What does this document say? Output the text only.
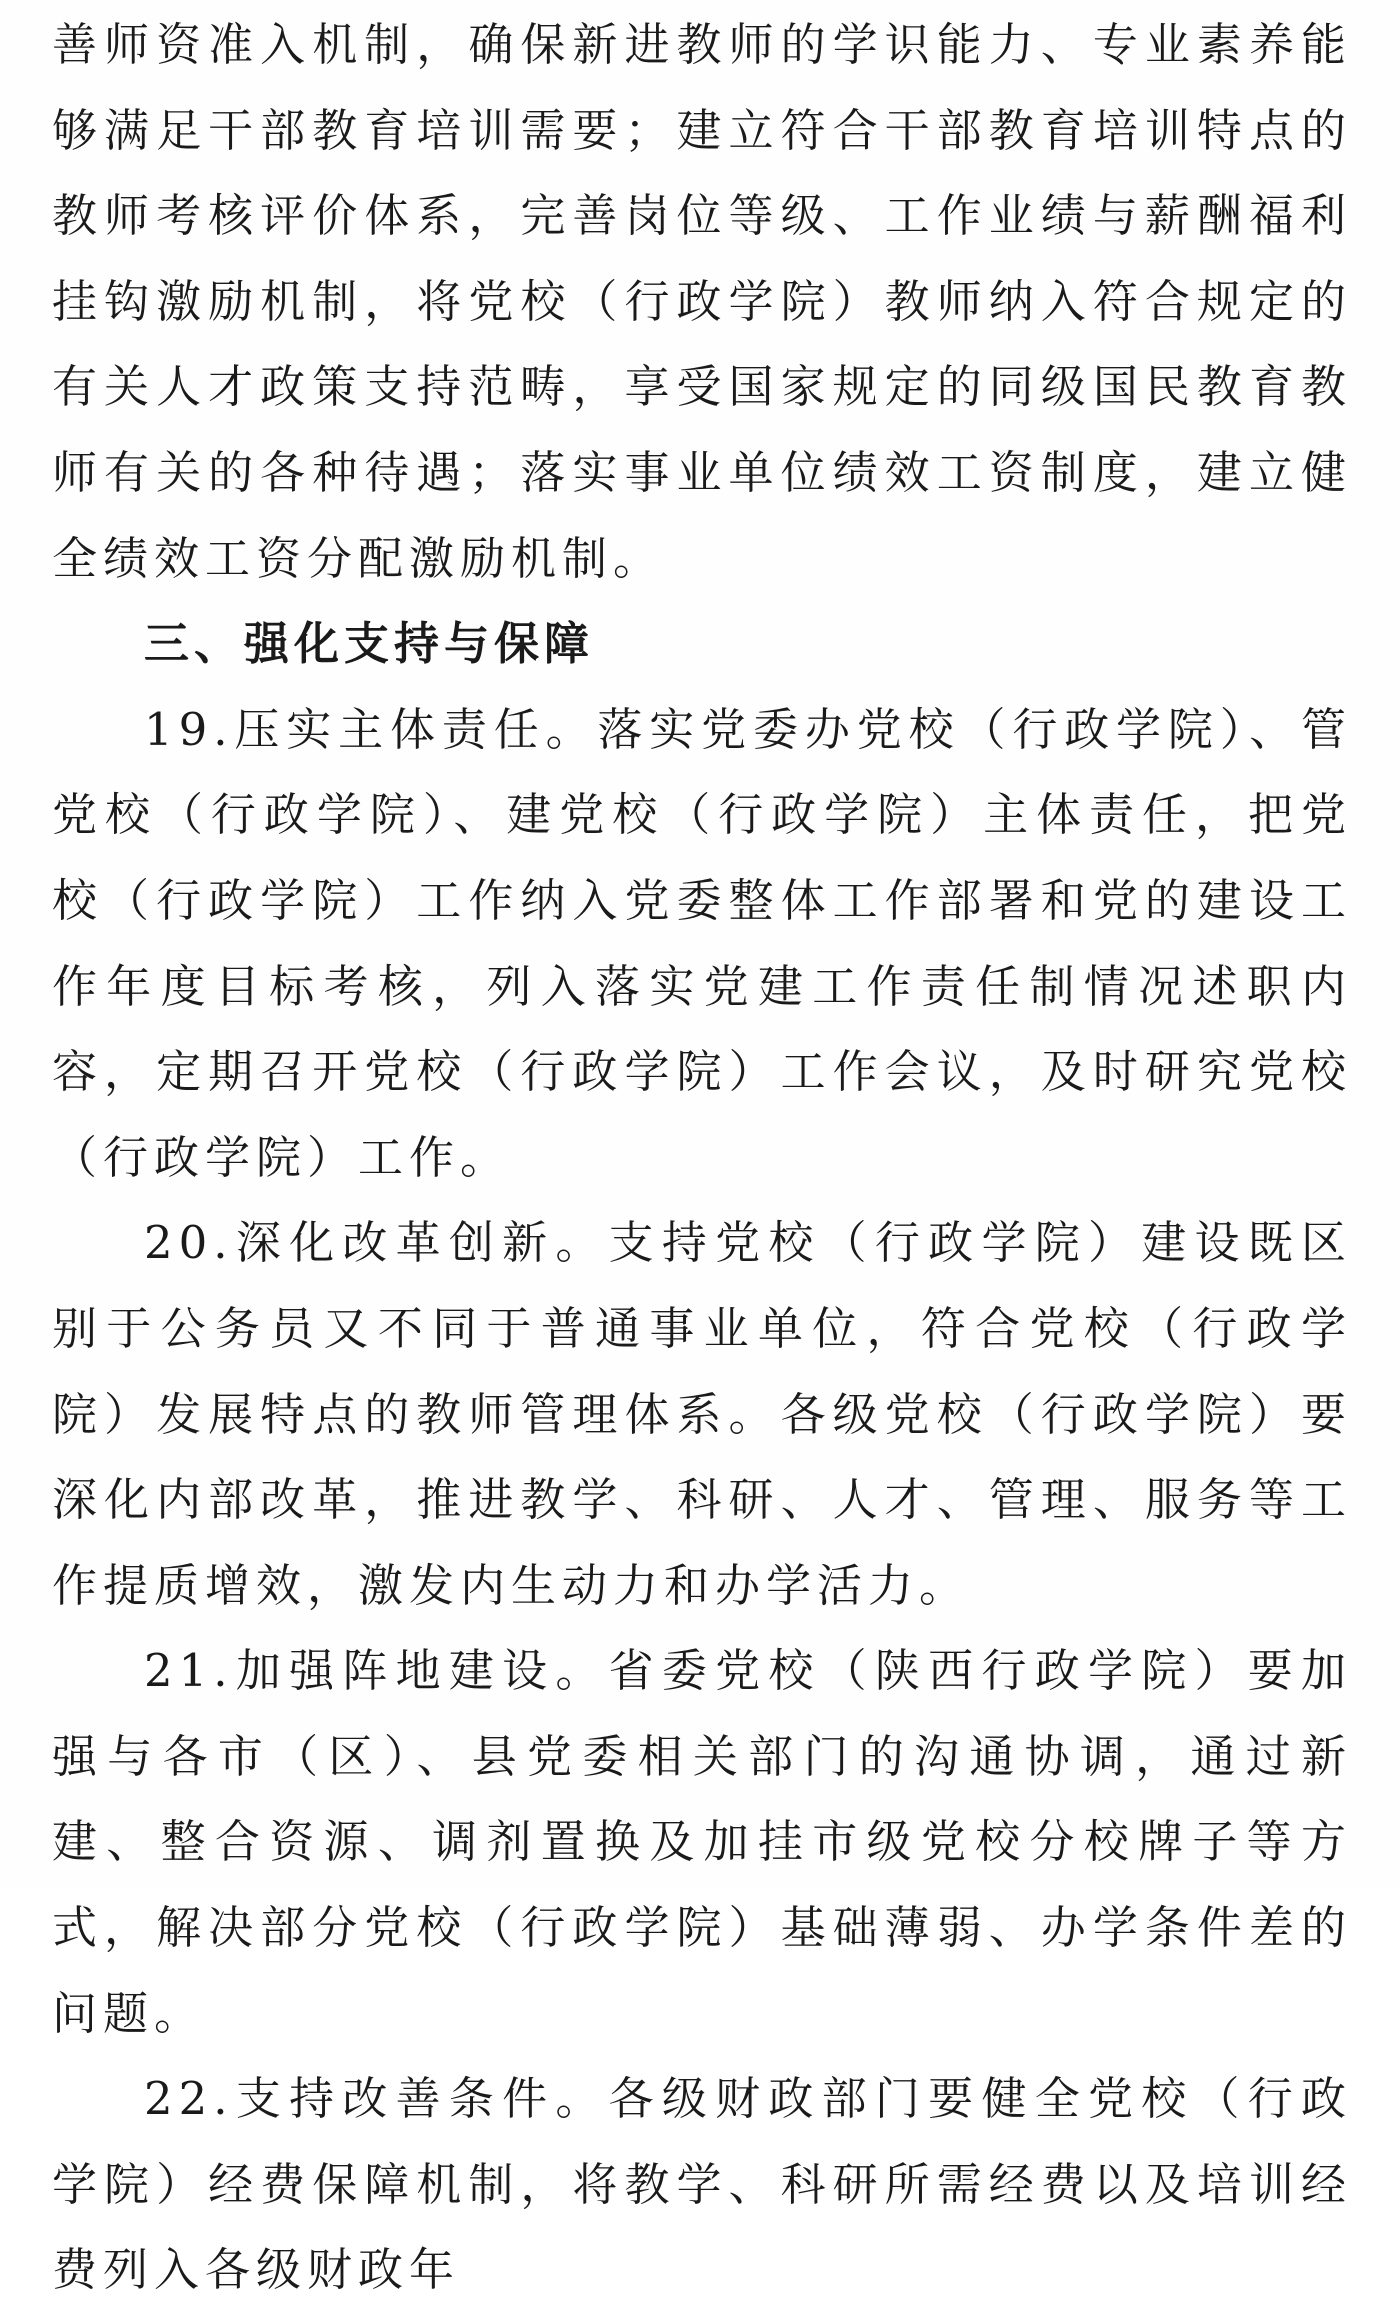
善师资准入机制，确保新进教师的学识能力、专业素养能够满足干部教育培训需要；建立符合干部教育培训特点的教师考核评价体系，完善岗位等级、工作业绩与薪酬福利挂钩激励机制，将党校（行政学院）教师纳入符合规定的有关人才政策支持范畴，享受国家规定的同级国民教育教师有关的各种待遇；落实事业单位绩效工资制度，建立健全绩效工资分配激励机制。

三、强化支持与保障

19.压实主体责任。落实党委办党校（行政学院）、管党校（行政学院）、建党校（行政学院）主体责任，把党校（行政学院）工作纳入党委整体工作部署和党的建设工作年度目标考核，列入落实党建工作责任制情况述职内容，定期召开党校（行政学院）工作会议，及时研究党校（行政学院）工作。

20.深化改革创新。支持党校（行政学院）建设既区别于公务员又不同于普通事业单位，符合党校（行政学院）发展特点的教师管理体系。各级党校（行政学院）要深化内部改革，推进教学、科研、人才、管理、服务等工作提质增效，激发内生动力和办学活力。

21.加强阵地建设。省委党校（陕西行政学院）要加强与各市（区）、县党委相关部门的沟通协调，通过新建、整合资源、调剂置换及加挂市级党校分校牌子等方式，解决部分党校（行政学院）基础薄弱、办学条件差的问题。

22.支持改善条件。各级财政部门要健全党校（行政学院）经费保障机制，将教学、科研所需经费以及培训经费列入各级财政年
